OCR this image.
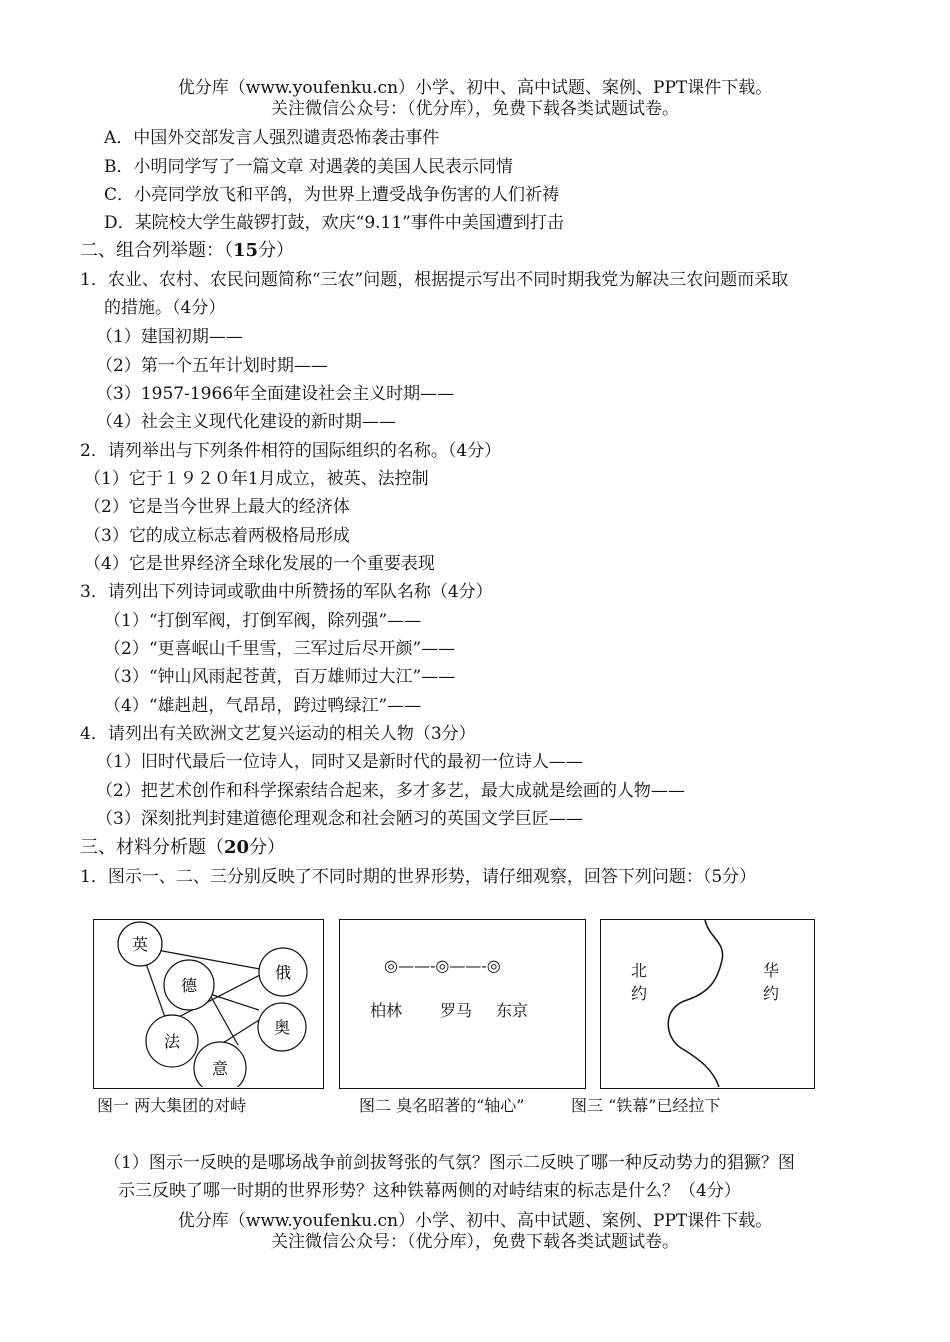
优分库（www.youfenku.cn）小学、初中、高中试题、案例、PPT课件下载。
关注微信公众号：（优分库），免费下载各类试题试卷。
A．中国外交部发言人强烈谴责恐怖袭击事件
B．小明同学写了一篇文章 对遇袭的美国人民表示同情
C．小亮同学放飞和平鸽，为世界上遭受战争伤害的人们祈祷
D．某院校大学生敲锣打鼓，欢庆“9.11”事件中美国遭到打击
二、组合列举题：（15分）
1．农业、农村、农民问题简称“三农”问题，根据提示写出不同时期我党为解决三农问题而采取
的措施。（4分）
（1）建国初期——
（2）第一个五年计划时期——
（3）1957-1966年全面建设社会主义时期——
（4）社会主义现代化建设的新时期——
2．请列举出与下列条件相符的国际组织的名称。（4分）
（1）它于１９２０年1月成立，被英、法控制
（2）它是当今世界上最大的经济体
（3）它的成立标志着两极格局形成
（4）它是世界经济全球化发展的一个重要表现
3．请列出下列诗词或歌曲中所赞扬的军队名称（4分）
（1）“打倒军阀，打倒军阀，除列强”——
（2）“更喜岷山千里雪，三军过后尽开颜”——
（3）“钟山风雨起苍黄，百万雄师过大江”——
（4）“雄赳赳，气昂昂，跨过鸭绿江”——
4．请列出有关欧洲文艺复兴运动的相关人物（3分）
（1）旧时代最后一位诗人，同时又是新时代的最初一位诗人——
（2）把艺术创作和科学探索结合起来，多才多艺，最大成就是绘画的人物——
（3）深刻批判封建道德伦理观念和社会陋习的英国文学巨匠——
三、材料分析题（20分）
1．图示一、二、三分别反映了不同时期的世界形势，请仔细观察，回答下列问题：（5分）
英
德
俄
法
奥
意
图一 两大集团的对峙
◎——-◎——-◎
柏林 罗马 东京
图二 臭名昭著的“轴心”
北
约
华
约
图三 “铁幕”已经拉下
（1）图示一反映的是哪场战争前剑拔弩张的气氛？图示二反映了哪一种反动势力的猖獗？图
示三反映了哪一时期的世界形势？这种铁幕两侧的对峙结束的标志是什么？（4分）
优分库（www.youfenku.cn）小学、初中、高中试题、案例、PPT课件下载。
关注微信公众号：（优分库），免费下载各类试题试卷。
